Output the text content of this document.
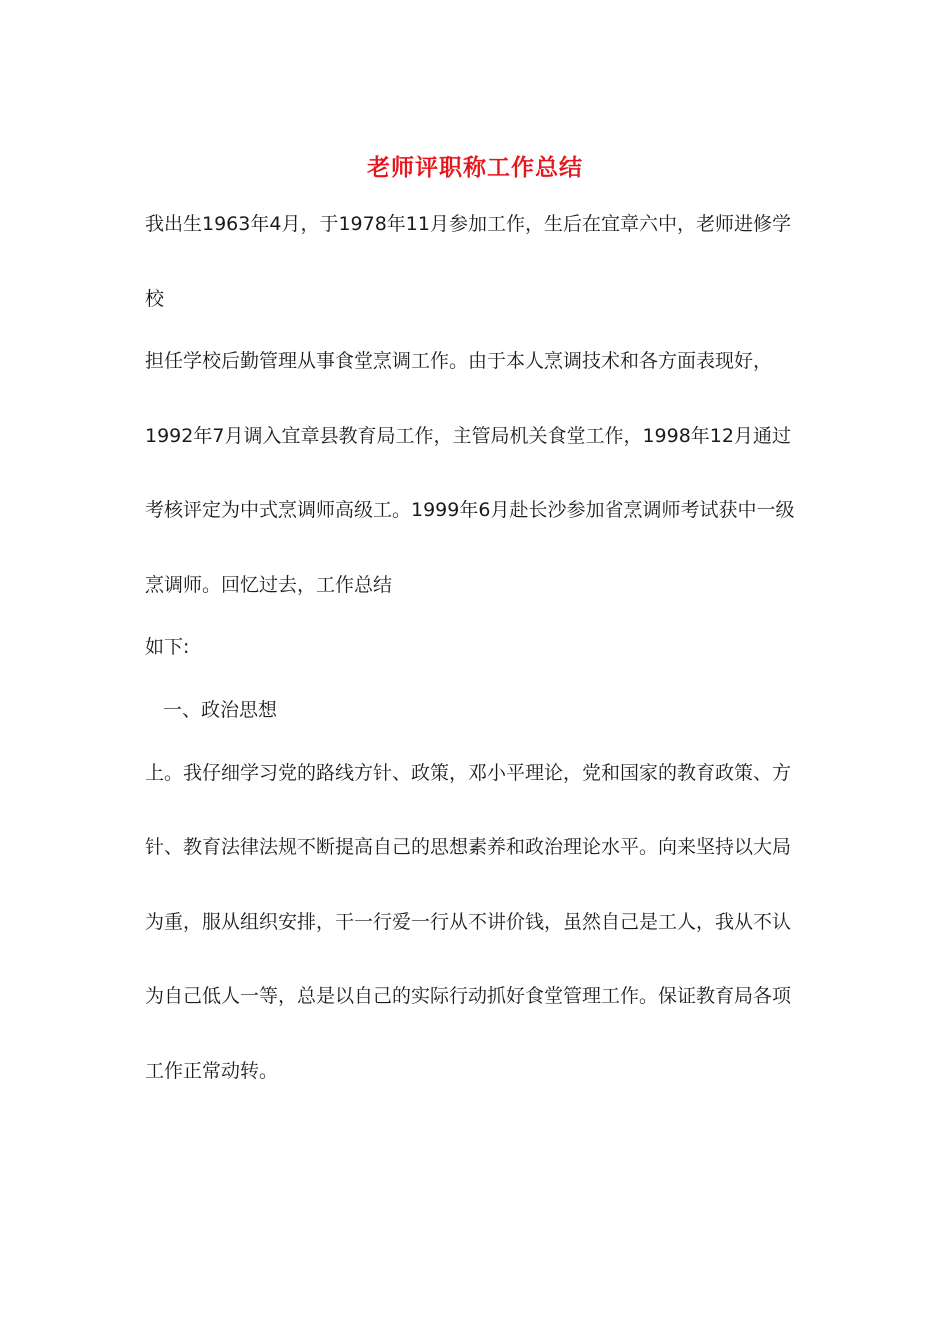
老师评职称工作总结
我出生1963年4月，于1978年11月参加工作，生后在宜章六中，老师进修学
校
担任学校后勤管理从事食堂烹调工作。由于本人烹调技术和各方面表现好，
1992年7月调入宜章县教育局工作，主管局机关食堂工作，1998年12月通过
考核评定为中式烹调师高级工。1999年6月赴长沙参加省烹调师考试获中一级
烹调师。回忆过去，工作总结
如下:
一、政治思想
上。我仔细学习党的路线方针、政策，邓小平理论，党和国家的教育政策、方
针、教育法律法规不断提高自己的思想素养和政治理论水平。向来坚持以大局
为重，服从组织安排，干一行爱一行从不讲价钱，虽然自己是工人，我从不认
为自己低人一等，总是以自己的实际行动抓好食堂管理工作。保证教育局各项
工作正常动转。
